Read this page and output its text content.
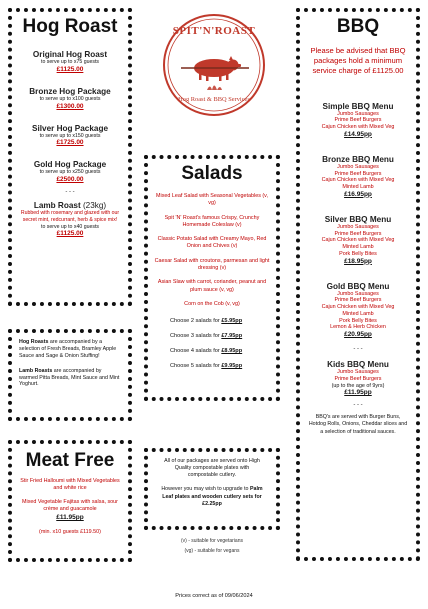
Hog Roast
Original Hog Roast
to serve up to x75 guests
£1125.00
Bronze Hog Package
to serve up to x100 guests
£1300.00
Silver Hog Package
to serve up to x150 guests
£1725.00
Gold Hog Package
to serve up to x250 guests
£2500.00
- - -
Lamb Roast (23kg)
Rubbed with rosemary and glazed with our secret mint, redcurrant, herb & spice mix!
to serve up to x40 guests
£1125.00
Hog Roasts are accompanied by a selection of Fresh Breads, Bramley Apple Sauce and Sage & Onion Stuffing!
Lamb Roasts are accompanied by warmed Pitta Breads, Mint Sauce and Mint Yoghurt.
Meat Free
Stir Fried Halloumi with Mixed Vegetables and white rice
Mixed Vegetable Fajitas with salsa, sour crème and guacamole
£11.95pp
(min. x10 guests £119.50)
SPIT'N'ROAST
Hog Roast & BBQ Services
Salads
Mixed Leaf Salad with Seasonal Vegetables (v, vg)
Spit 'N' Roast's famous Crispy, Crunchy Homemade Coleslaw (v)
Classic Potato Salad with Creamy Mayo, Red Onion and Chives (v)
Caesar Salad with croutons, parmesan and light dressing (v)
Asian Slaw with carrot, coriander, peanut and plum sauce (v, vg)
Corn on the Cob (v, vg)
Choose 2 salads for £5.95pp
Choose 3 salads for £7.95pp
Choose 4 salads for £8.95pp
Choose 5 salads for £9.95pp
All of our packages are served onto High Quality compostable plates with compostable cutlery.
However you may wish to upgrade to Palm Leaf plates and wooden cutlery sets for £2.25pp
(v) - suitable for vegetarians
(vg) - suitable for vegans
BBQ
Please be advised that BBQ packages hold a minimum service charge of £1125.00
Simple BBQ Menu
Jumbo Sausages
Prime Beef Burgers
Cajun Chicken with Mixed Veg
£14.95pp
Bronze BBQ Menu
Jumbo Sausages
Prime Beef Burgers
Cajun Chicken with Mixed Veg
Minted Lamb
£16.95pp
Silver BBQ Menu
Jumbo Sausages
Prime Beef Burgers
Cajun Chicken with Mixed Veg
Minted Lamb
Pork Belly Bites
£18.95pp
Gold BBQ Menu
Jumbo Sausages
Prime Beef Burgers
Cajun Chicken with Mixed Veg
Minted Lamb
Pork Belly Bites
Lemon & Herb Chicken
£20.95pp
- - -
Kids BBQ Menu
Jumbo Sausages
Prime Beef Burgers
(up to the age of 9yrs)
£11.95pp
- - -
BBQ's are served with Burger Buns, Hotdog Rolls, Onions, Cheddar slices and a selection of traditional sauces.
Prices correct as of 09/06/2024
